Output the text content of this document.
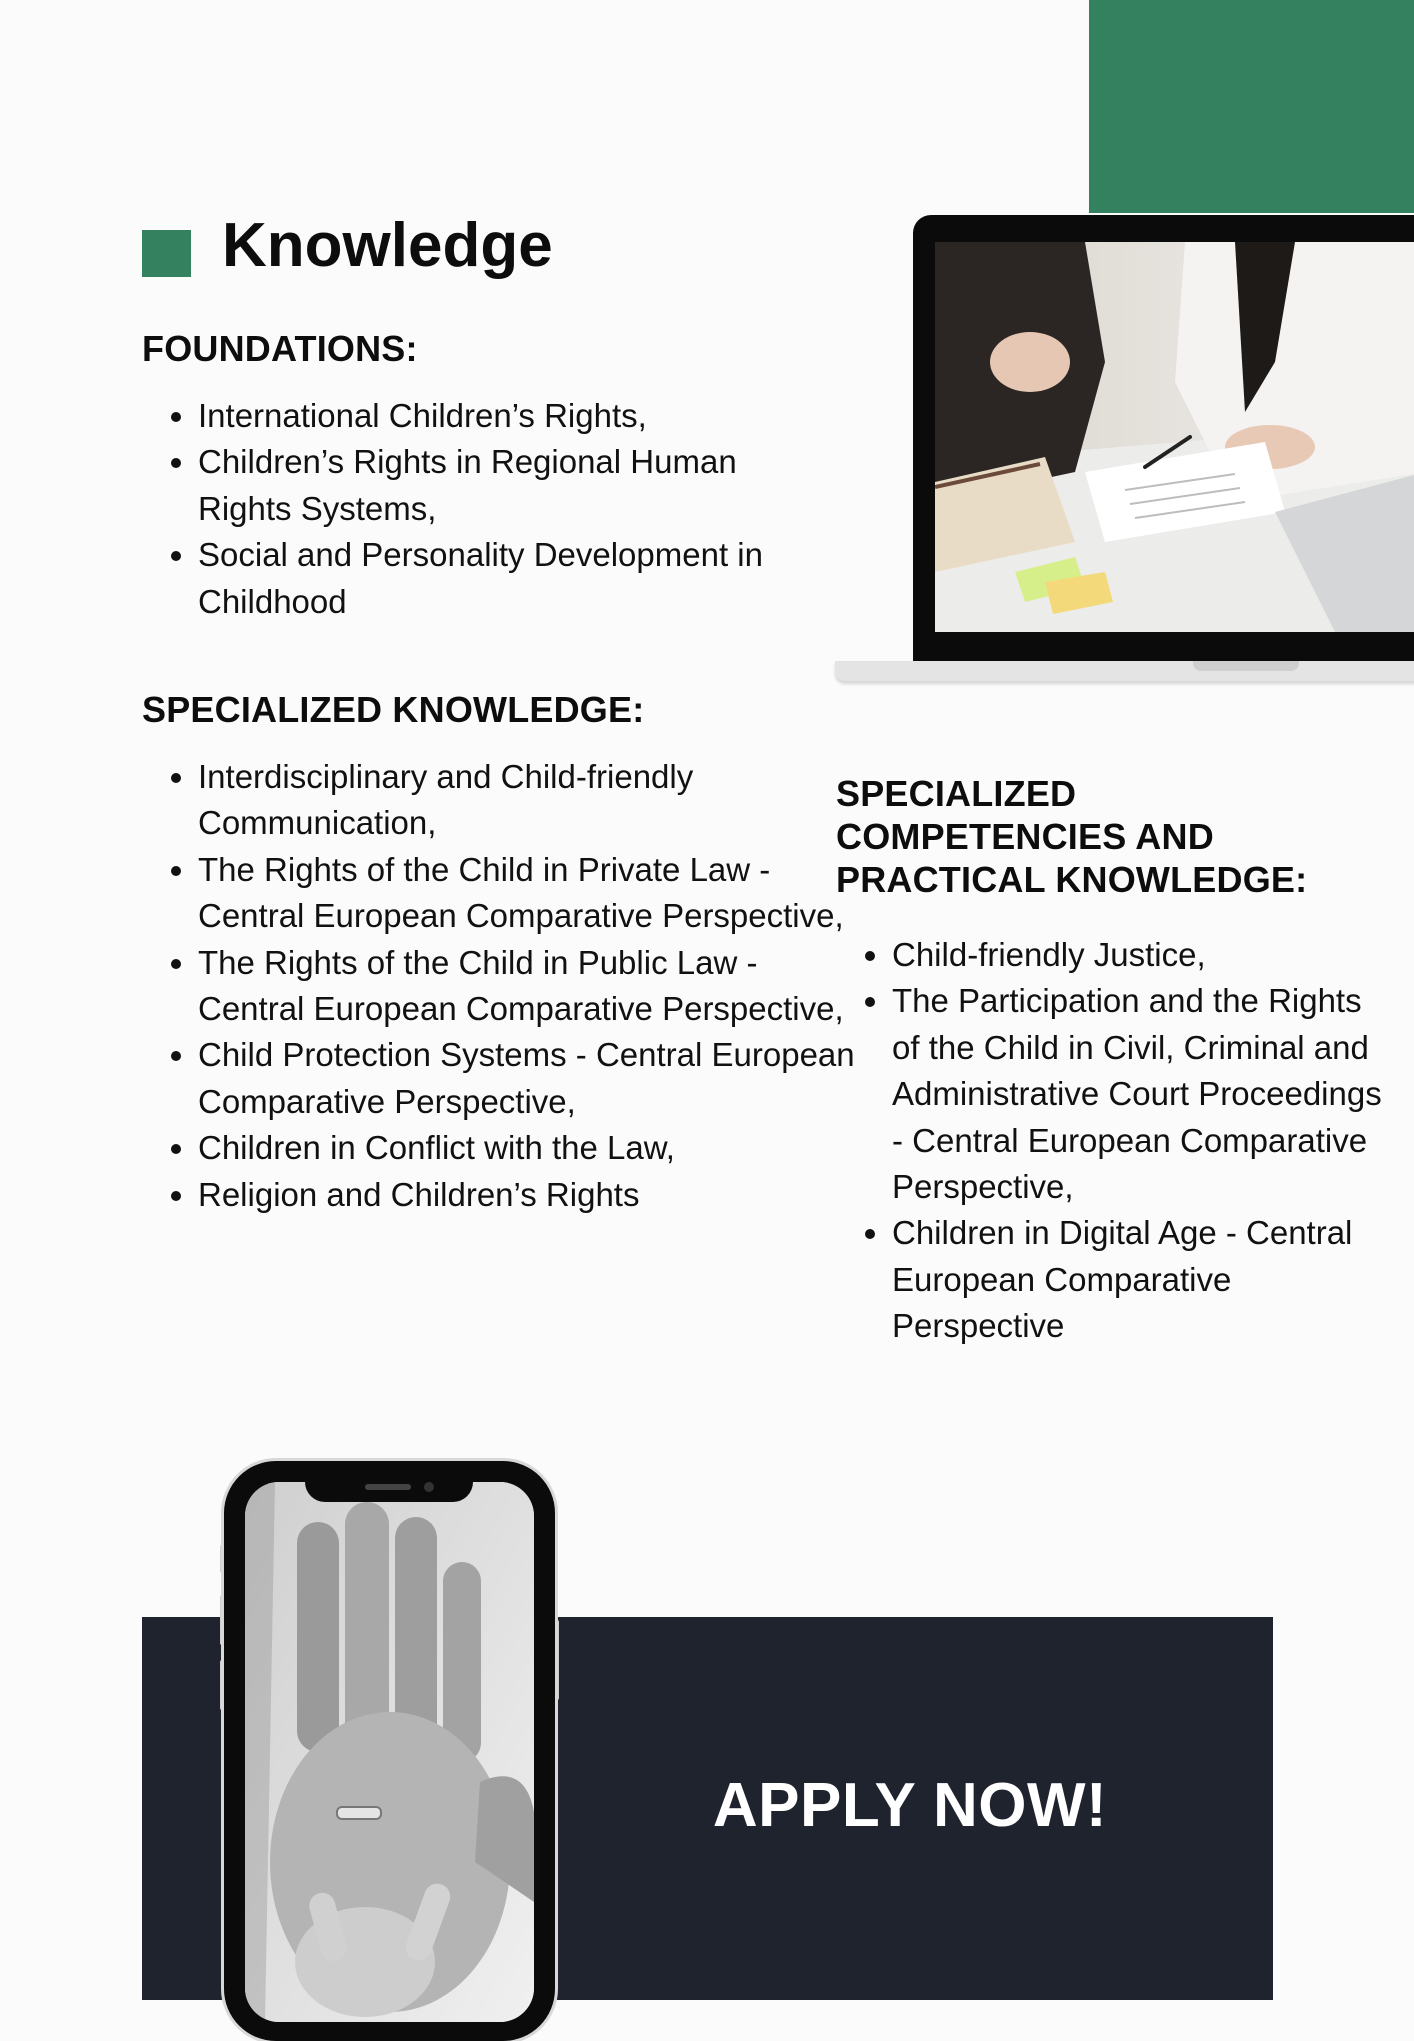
Knowledge
FOUNDATIONS:
• International Children’s Rights,
• Children’s Rights in Regional Human Rights Systems,
• Social and Personality Development in Childhood
SPECIALIZED KNOWLEDGE:
• Interdisciplinary and Child-friendly Communication,
• The Rights of the Child in Private Law - Central European Comparative Perspective,
• The Rights of the Child in Public Law - Central European Comparative Perspective,
• Child Protection Systems - Central European Comparative Perspective,
• Children in Conflict with the Law,
• Religion and Children’s Rights
SPECIALIZED COMPETENCIES AND PRACTICAL KNOWLEDGE:
• Child-friendly Justice,
• The Participation and the Rights of the Child in Civil, Criminal and Administrative Court Proceedings - Central European Comparative Perspective,
• Children in Digital Age - Central European Comparative Perspective

APPLY NOW!
